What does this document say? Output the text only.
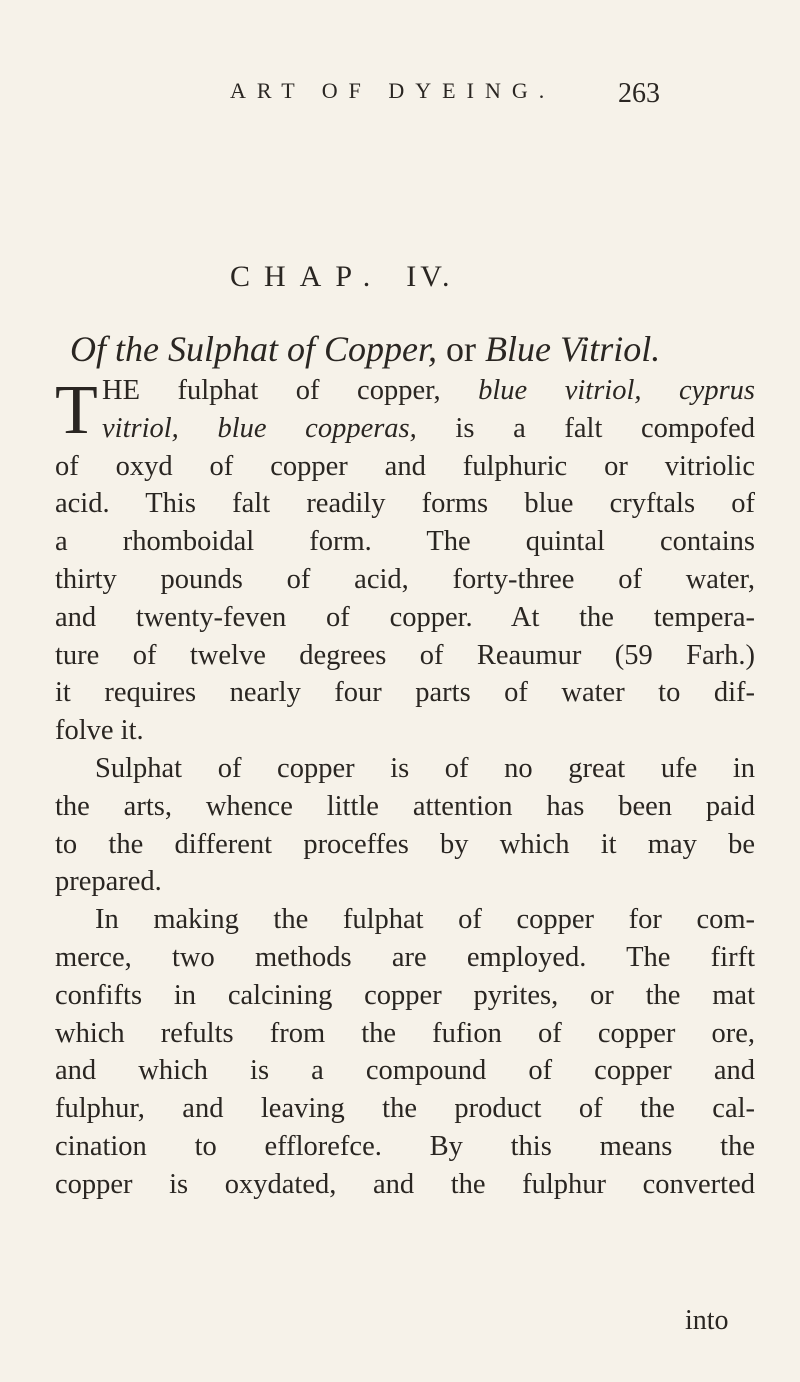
ART OF DYEING. 263
CHAP. IV.
Of the Sulphat of Copper, or Blue Vitriol.
T HE fulphat of copper, blue vitriol, cyprus
vitriol, blue copperas, is a falt compofed
of oxyd of copper and fulphuric or vitriolic
acid. This falt readily forms blue cryftals of
a rhomboidal form. The quintal contains
thirty pounds of acid, forty-three of water,
and twenty-feven of copper. At the tempera-
ture of twelve degrees of Reaumur (59 Farh.)
it requires nearly four parts of water to dif-
folve it.
Sulphat of copper is of no great ufe in
the arts, whence little attention has been paid
to the different proceffes by which it may be
prepared.
In making the fulphat of copper for com-
merce, two methods are employed. The firft
confifts in calcining copper pyrites, or the mat
which refults from the fufion of copper ore,
and which is a compound of copper and
fulphur, and leaving the product of the cal-
cination to efflorefce. By this means the
copper is oxydated, and the fulphur converted
into
